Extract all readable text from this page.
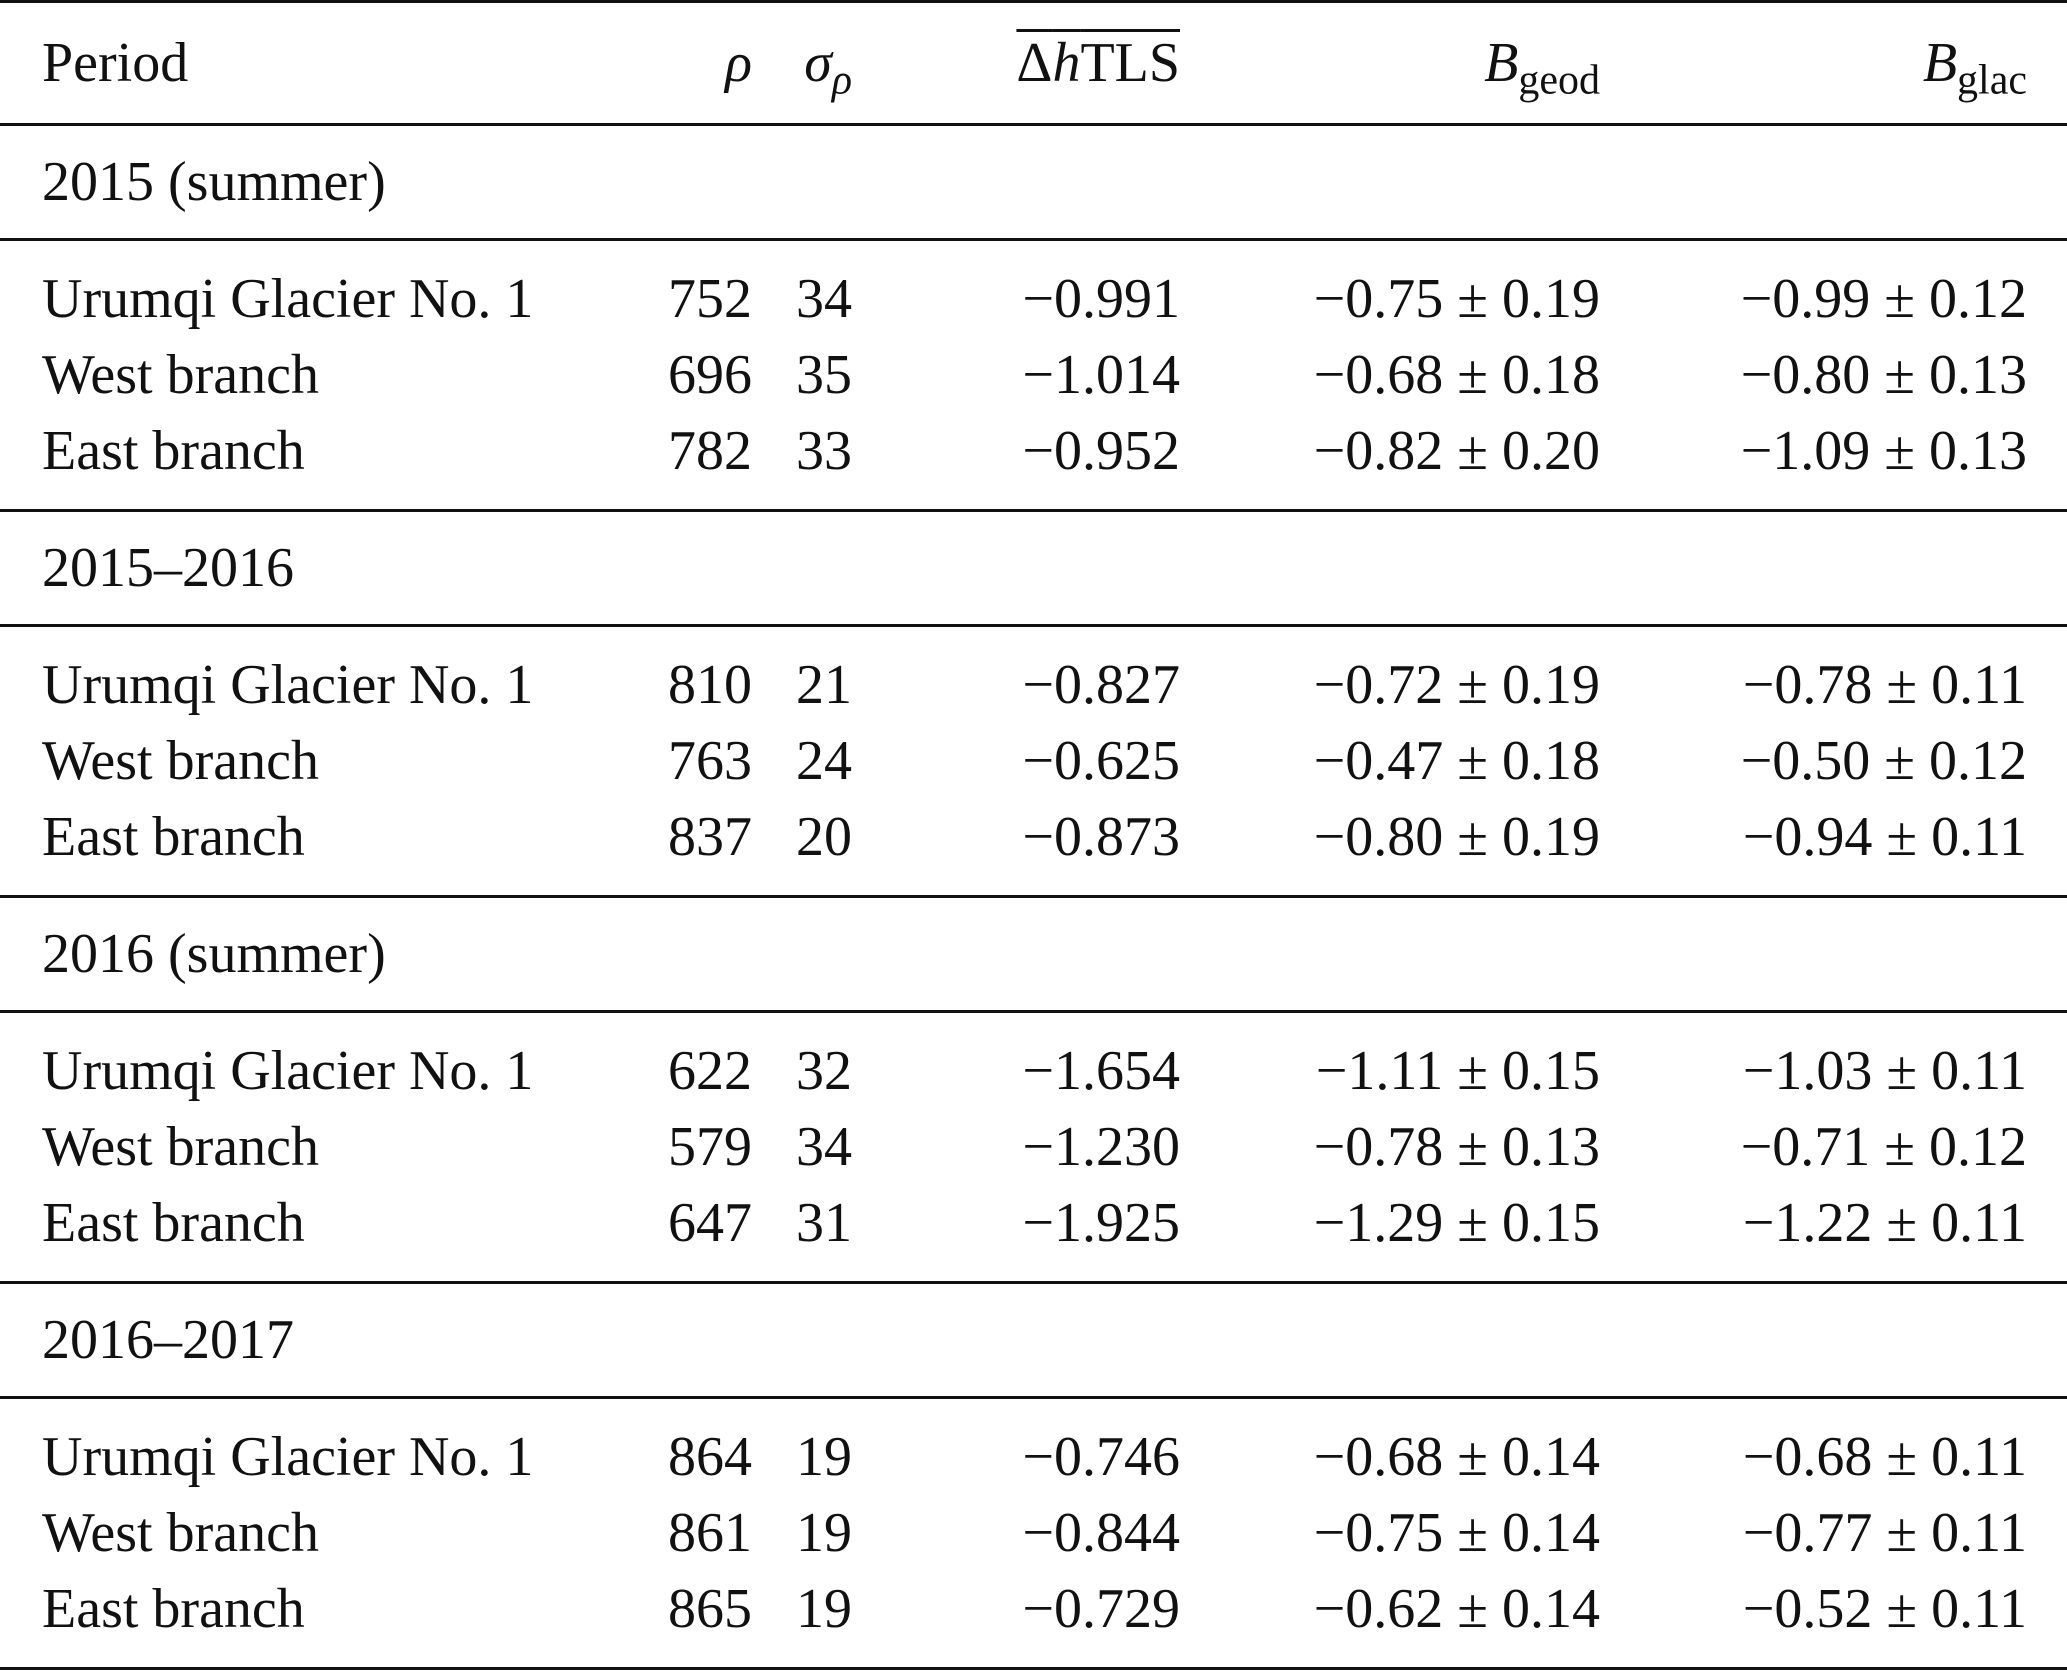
Period	ρ	$\sigma_\rho$	ΔhTLS	$B_{geod}$	$B_{glac}$
2015 (summer)					
Urumqi Glacier No. 1	752	34	−0.991	−0.75 ± 0.19	−0.99 ± 0.12
West branch	696	35	−1.014	−0.68 ± 0.18	−0.80 ± 0.13
East branch	782	33	−0.952	−0.82 ± 0.20	−1.09 ± 0.13
2015–2016					
Urumqi Glacier No. 1	810	21	−0.827	−0.72 ± 0.19	−0.78 ± 0.11
West branch	763	24	−0.625	−0.47 ± 0.18	−0.50 ± 0.12
East branch	837	20	−0.873	−0.80 ± 0.19	−0.94 ± 0.11
2016 (summer)					
Urumqi Glacier No. 1	622	32	−1.654	−1.11 ± 0.15	−1.03 ± 0.11
West branch	579	34	−1.230	−0.78 ± 0.13	−0.71 ± 0.12
East branch	647	31	−1.925	−1.29 ± 0.15	−1.22 ± 0.11
2016–2017					
Urumqi Glacier No. 1	864	19	−0.746	−0.68 ± 0.14	−0.68 ± 0.11
West branch	861	19	−0.844	−0.75 ± 0.14	−0.77 ± 0.11
East branch	865	19	−0.729	−0.62 ± 0.14	−0.52 ± 0.11
